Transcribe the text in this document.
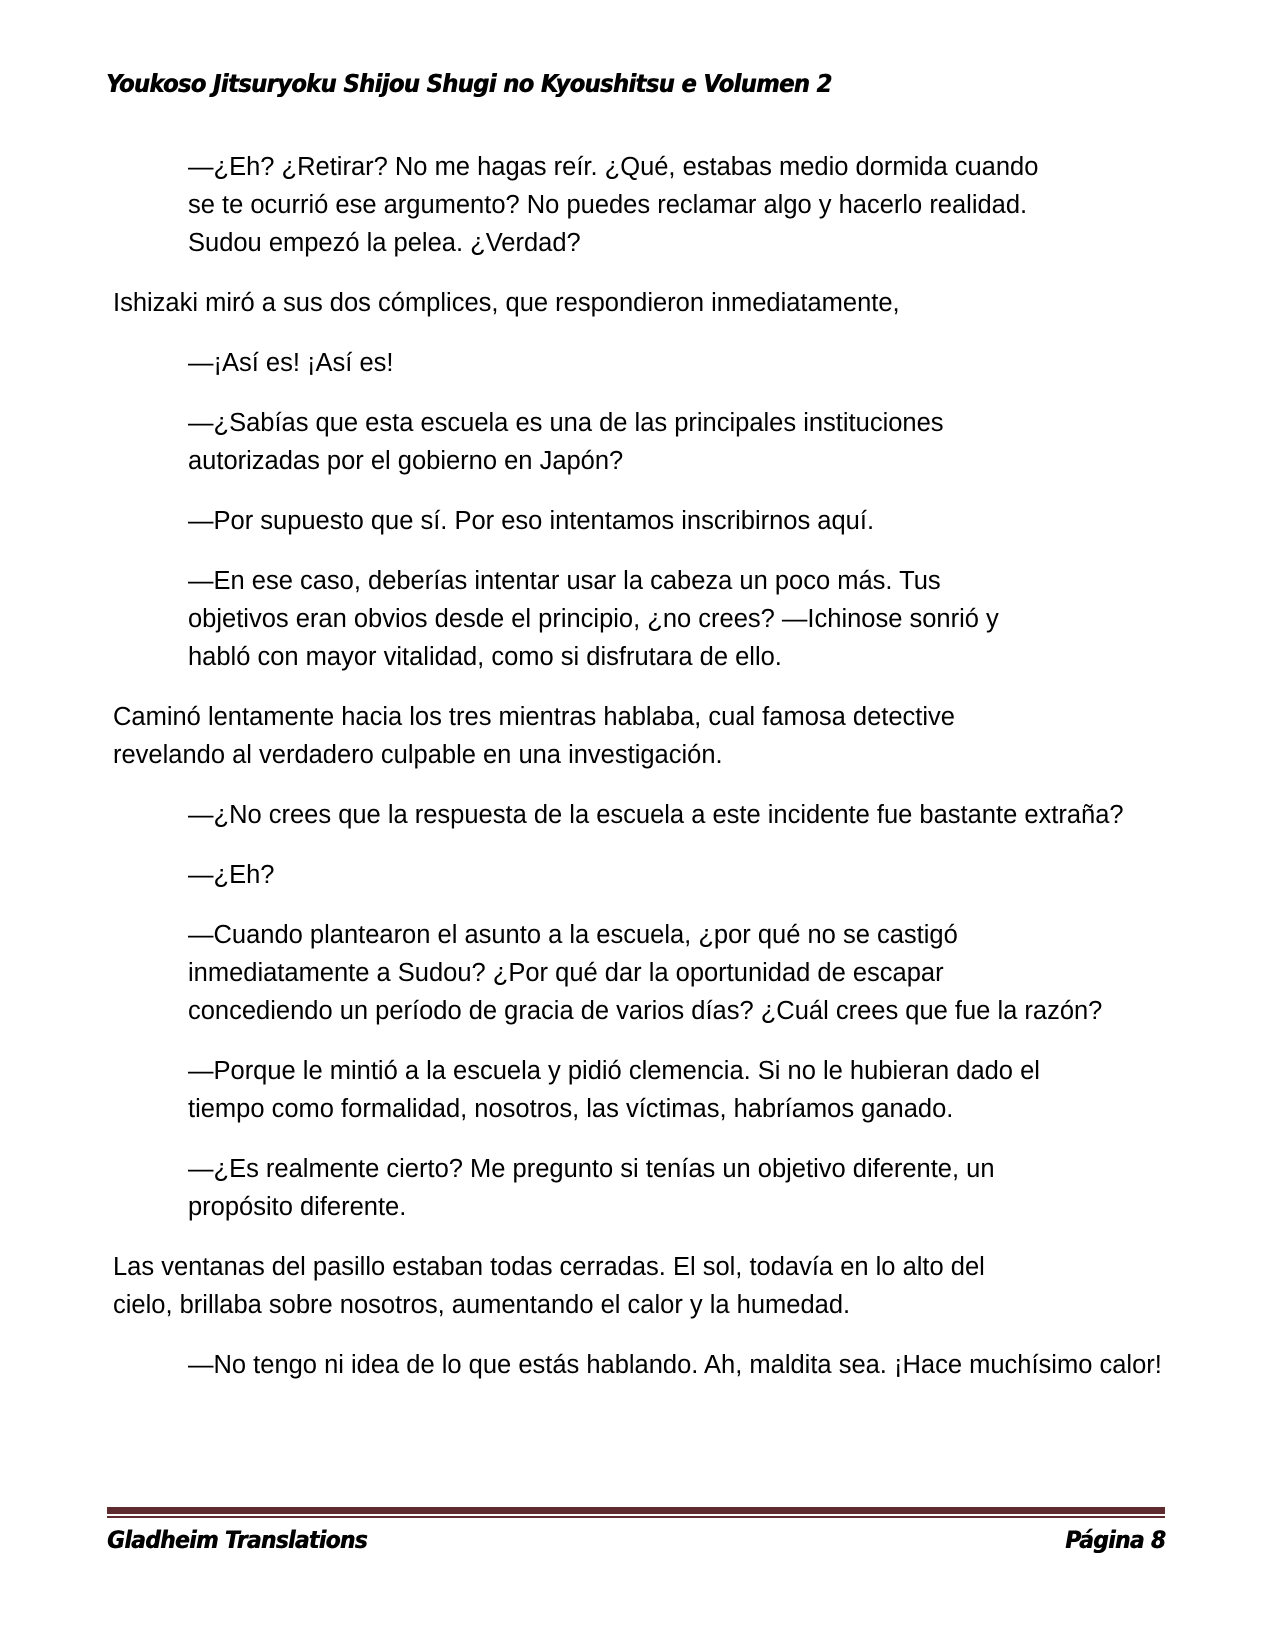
Youkoso Jitsuryoku Shijou Shugi no Kyoushitsu e Volumen 2

—¿Eh? ¿Retirar? No me hagas reír. ¿Qué, estabas medio dormida cuando se te ocurrió ese argumento? No puedes reclamar algo y hacerlo realidad. Sudou empezó la pelea. ¿Verdad?

Ishizaki miró a sus dos cómplices, que respondieron inmediatamente,

—¡Así es! ¡Así es!

—¿Sabías que esta escuela es una de las principales instituciones autorizadas por el gobierno en Japón?

—Por supuesto que sí. Por eso intentamos inscribirnos aquí.

—En ese caso, deberías intentar usar la cabeza un poco más. Tus objetivos eran obvios desde el principio, ¿no crees? —Ichinose sonrió y habló con mayor vitalidad, como si disfrutara de ello.

Caminó lentamente hacia los tres mientras hablaba, cual famosa detective revelando al verdadero culpable en una investigación.

—¿No crees que la respuesta de la escuela a este incidente fue bastante extraña?

—¿Eh?

—Cuando plantearon el asunto a la escuela, ¿por qué no se castigó inmediatamente a Sudou? ¿Por qué dar la oportunidad de escapar concediendo un período de gracia de varios días? ¿Cuál crees que fue la razón?

—Porque le mintió a la escuela y pidió clemencia. Si no le hubieran dado el tiempo como formalidad, nosotros, las víctimas, habríamos ganado.

—¿Es realmente cierto? Me pregunto si tenías un objetivo diferente, un propósito diferente.

Las ventanas del pasillo estaban todas cerradas. El sol, todavía en lo alto del cielo, brillaba sobre nosotros, aumentando el calor y la humedad.

—No tengo ni idea de lo que estás hablando. Ah, maldita sea. ¡Hace muchísimo calor!

Gladheim Translations	Página 8
